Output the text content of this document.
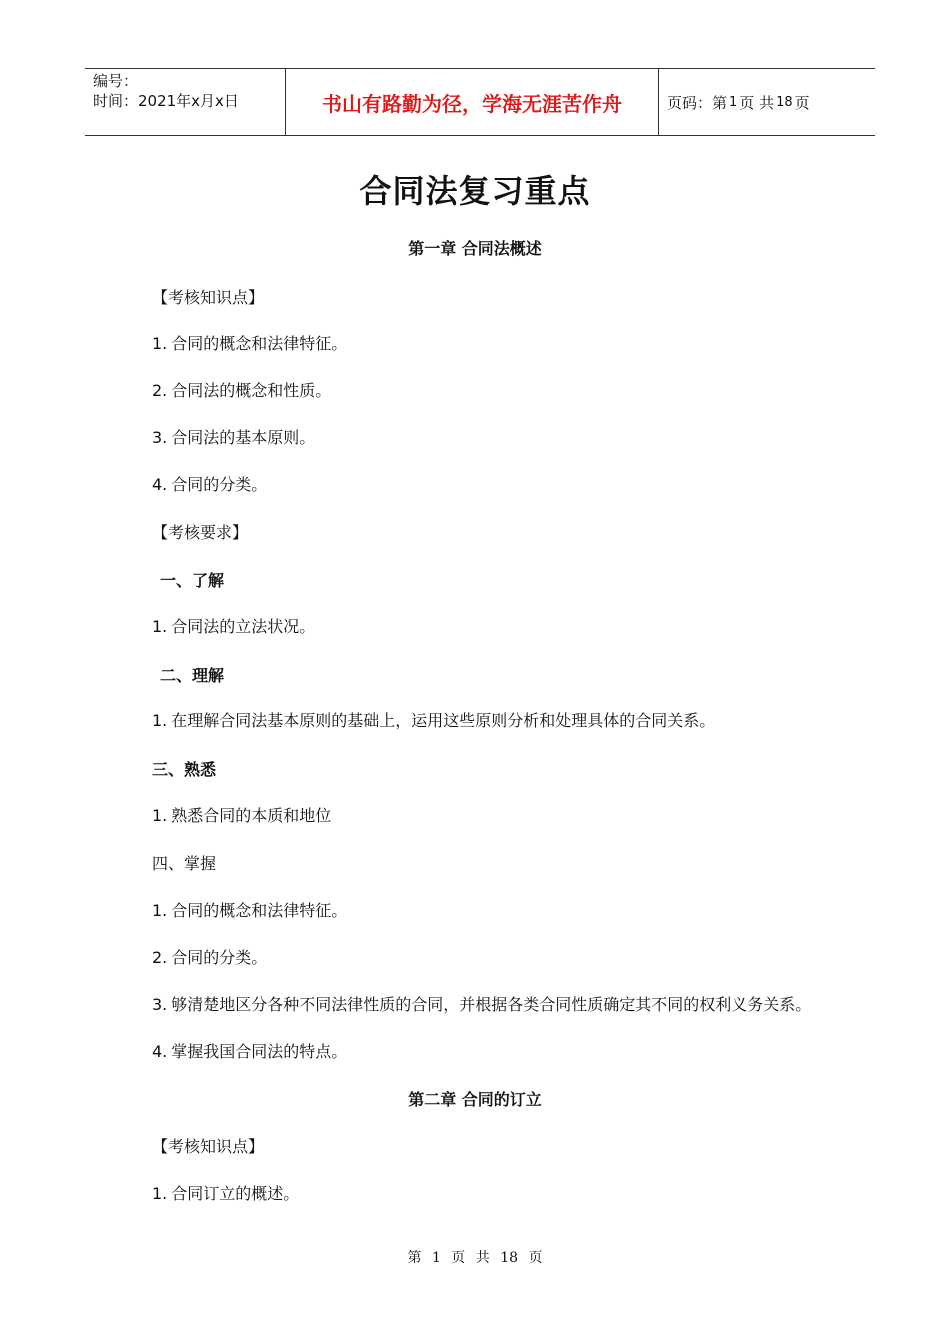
编号：
时间：2021年x月x日	书山有路勤为径，学海无涯苦作舟	页码：第 1 页 共 18 页
合同法复习重点
第一章 合同法概述
【考核知识点】
1. 合同的概念和法律特征。
2. 合同法的概念和性质。
3. 合同法的基本原则。
4. 合同的分类。
【考核要求】
一、了解
1. 合同法的立法状况。
二、理解
1. 在理解合同法基本原则的基础上，运用这些原则分析和处理具体的合同关系。
三、熟悉
1. 熟悉合同的本质和地位
四、掌握
1. 合同的概念和法律特征。
2. 合同的分类。
3. 够清楚地区分各种不同法律性质的合同，并根据各类合同性质确定其不同的权利义务关系。
4. 掌握我国合同法的特点。
第二章 合同的订立
【考核知识点】
1. 合同订立的概述。
第 1 页 共 18 页
